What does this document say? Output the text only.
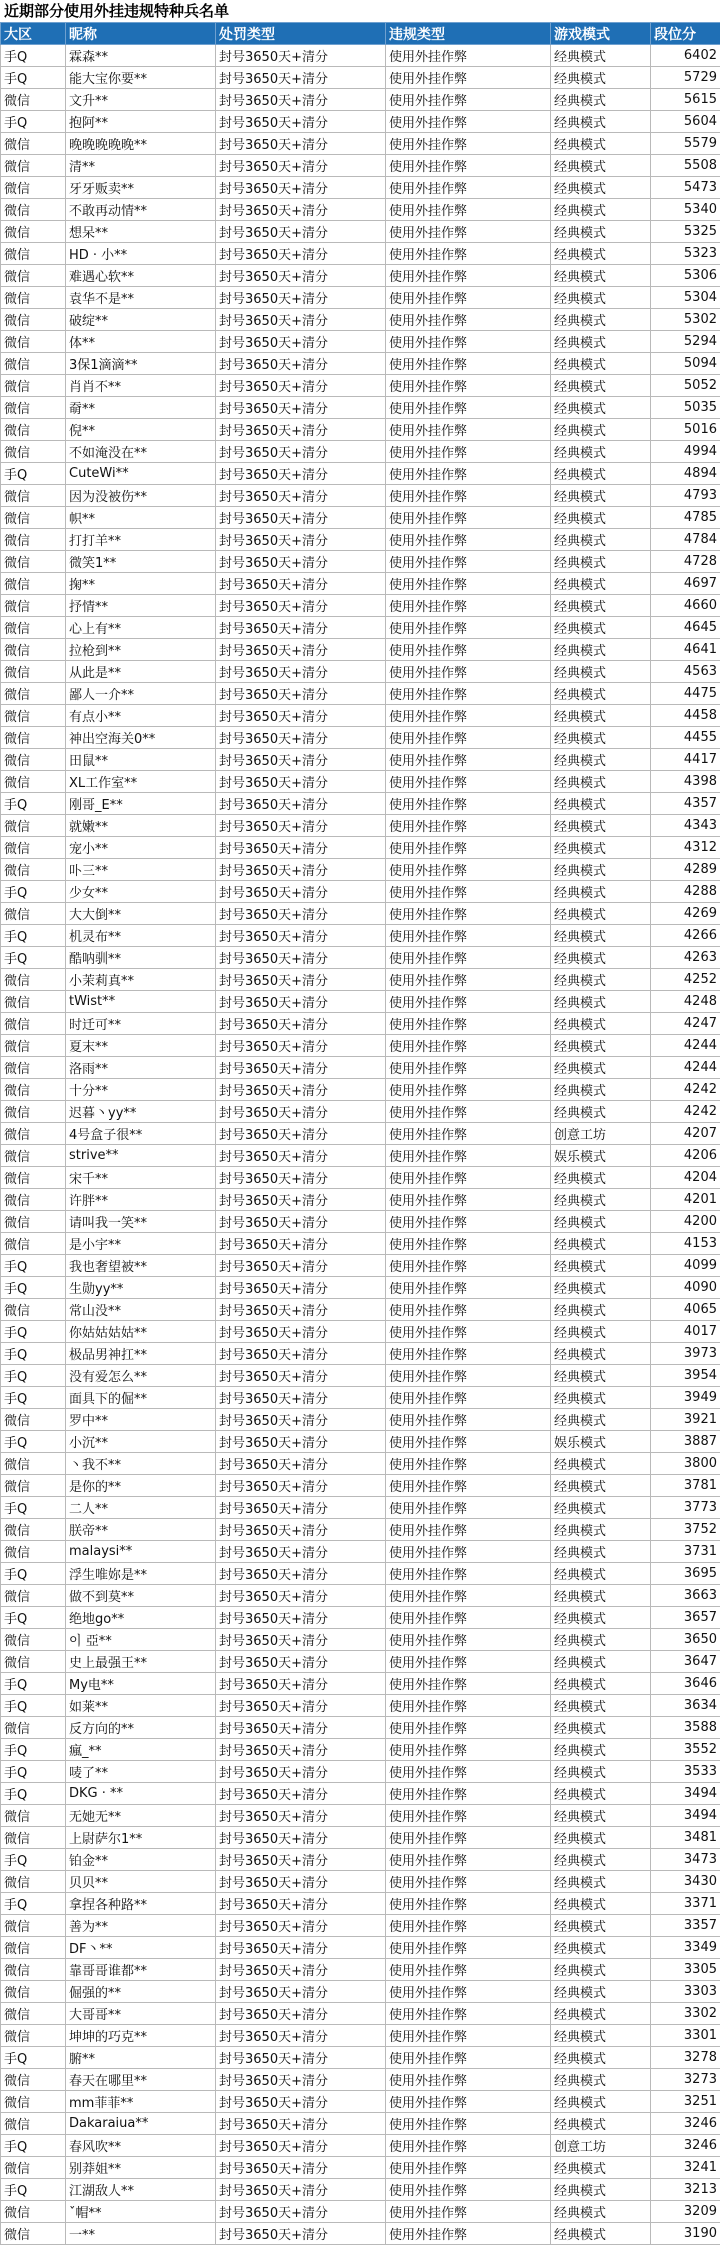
近期部分使用外挂违规特种兵名单
大区	昵称	处罚类型	违规类型	游戏模式	段位分
手Q	霖森**	封号3650天+清分	使用外挂作弊	经典模式	6402
手Q	能大宝你要**	封号3650天+清分	使用外挂作弊	经典模式	5729
微信	文升**	封号3650天+清分	使用外挂作弊	经典模式	5615
手Q	抱阿**	封号3650天+清分	使用外挂作弊	经典模式	5604
微信	晚晚晚晚晚**	封号3650天+清分	使用外挂作弊	经典模式	5579
微信	清**	封号3650天+清分	使用外挂作弊	经典模式	5508
微信	牙牙贩卖**	封号3650天+清分	使用外挂作弊	经典模式	5473
微信	不敢再动情**	封号3650天+清分	使用外挂作弊	经典模式	5340
微信	想呆**	封号3650天+清分	使用外挂作弊	经典模式	5325
微信	HD · 小**	封号3650天+清分	使用外挂作弊	经典模式	5323
微信	难遇心软**	封号3650天+清分	使用外挂作弊	经典模式	5306
微信	袁华不是**	封号3650天+清分	使用外挂作弊	经典模式	5304
微信	破绽**	封号3650天+清分	使用外挂作弊	经典模式	5302
微信	体**	封号3650天+清分	使用外挂作弊	经典模式	5294
微信	3保1滴滴**	封号3650天+清分	使用外挂作弊	经典模式	5094
微信	肖肖不**	封号3650天+清分	使用外挂作弊	经典模式	5052
微信	奣**	封号3650天+清分	使用外挂作弊	经典模式	5035
微信	倪**	封号3650天+清分	使用外挂作弊	经典模式	5016
微信	不如淹没在**	封号3650天+清分	使用外挂作弊	经典模式	4994
手Q	CuteWi**	封号3650天+清分	使用外挂作弊	经典模式	4894
微信	因为没被伤**	封号3650天+清分	使用外挂作弊	经典模式	4793
微信	帜**	封号3650天+清分	使用外挂作弊	经典模式	4785
微信	打打羊**	封号3650天+清分	使用外挂作弊	经典模式	4784
微信	微笑1**	封号3650天+清分	使用外挂作弊	经典模式	4728
微信	掬**	封号3650天+清分	使用外挂作弊	经典模式	4697
微信	抒情**	封号3650天+清分	使用外挂作弊	经典模式	4660
微信	心上有**	封号3650天+清分	使用外挂作弊	经典模式	4645
微信	拉枪到**	封号3650天+清分	使用外挂作弊	经典模式	4641
微信	从此是**	封号3650天+清分	使用外挂作弊	经典模式	4563
微信	鄙人一介**	封号3650天+清分	使用外挂作弊	经典模式	4475
微信	有点小**	封号3650天+清分	使用外挂作弊	经典模式	4458
微信	神出空海关0**	封号3650天+清分	使用外挂作弊	经典模式	4455
微信	田鼠**	封号3650天+清分	使用外挂作弊	经典模式	4417
微信	XL工作室**	封号3650天+清分	使用外挂作弊	经典模式	4398
手Q	刚哥_E**	封号3650天+清分	使用外挂作弊	经典模式	4357
微信	就嫩**	封号3650天+清分	使用外挂作弊	经典模式	4343
微信	宠小**	封号3650天+清分	使用外挂作弊	经典模式	4312
微信	卟三**	封号3650天+清分	使用外挂作弊	经典模式	4289
手Q	少女**	封号3650天+清分	使用外挂作弊	经典模式	4288
微信	大大倒**	封号3650天+清分	使用外挂作弊	经典模式	4269
手Q	机灵布**	封号3650天+清分	使用外挂作弊	经典模式	4266
手Q	酷呐驯**	封号3650天+清分	使用外挂作弊	经典模式	4263
微信	小茉莉真**	封号3650天+清分	使用外挂作弊	经典模式	4252
微信	tWist**	封号3650天+清分	使用外挂作弊	经典模式	4248
微信	时迁可**	封号3650天+清分	使用外挂作弊	经典模式	4247
微信	夏末**	封号3650天+清分	使用外挂作弊	经典模式	4244
微信	洛雨**	封号3650天+清分	使用外挂作弊	经典模式	4244
微信	十分**	封号3650天+清分	使用外挂作弊	经典模式	4242
微信	迟暮丶yy**	封号3650天+清分	使用外挂作弊	经典模式	4242
微信	4号盒子很**	封号3650天+清分	使用外挂作弊	创意工坊	4207
微信	strive**	封号3650天+清分	使用外挂作弊	娱乐模式	4206
微信	宋千**	封号3650天+清分	使用外挂作弊	经典模式	4204
微信	许胖**	封号3650天+清分	使用外挂作弊	经典模式	4201
微信	请叫我一笑**	封号3650天+清分	使用外挂作弊	经典模式	4200
微信	是小宇**	封号3650天+清分	使用外挂作弊	经典模式	4153
手Q	我也奢望被**	封号3650天+清分	使用外挂作弊	经典模式	4099
手Q	生勋yy**	封号3650天+清分	使用外挂作弊	经典模式	4090
微信	常山没**	封号3650天+清分	使用外挂作弊	经典模式	4065
手Q	你姑姑姑姑**	封号3650天+清分	使用外挂作弊	经典模式	4017
手Q	极品男神扛**	封号3650天+清分	使用外挂作弊	经典模式	3973
手Q	没有爱怎么**	封号3650天+清分	使用外挂作弊	经典模式	3954
手Q	面具下的倔**	封号3650天+清分	使用外挂作弊	经典模式	3949
微信	罗中**	封号3650天+清分	使用外挂作弊	经典模式	3921
手Q	小沉**	封号3650天+清分	使用外挂作弊	娱乐模式	3887
微信	丶我不**	封号3650天+清分	使用外挂作弊	经典模式	3800
微信	是你的**	封号3650天+清分	使用外挂作弊	经典模式	3781
手Q	二人**	封号3650天+清分	使用外挂作弊	经典模式	3773
微信	朕帝**	封号3650天+清分	使用外挂作弊	经典模式	3752
微信	malaysi**	封号3650天+清分	使用外挂作弊	经典模式	3731
手Q	浮生唯妳是**	封号3650天+清分	使用外挂作弊	经典模式	3695
微信	做不到莫**	封号3650天+清分	使用外挂作弊	经典模式	3663
手Q	绝地go**	封号3650天+清分	使用外挂作弊	经典模式	3657
微信	이 亞**	封号3650天+清分	使用外挂作弊	经典模式	3650
微信	史上最强王**	封号3650天+清分	使用外挂作弊	经典模式	3647
手Q	My电**	封号3650天+清分	使用外挂作弊	经典模式	3646
手Q	如莱**	封号3650天+清分	使用外挂作弊	经典模式	3634
微信	反方向的**	封号3650天+清分	使用外挂作弊	经典模式	3588
手Q	瘋_**	封号3650天+清分	使用外挂作弊	经典模式	3552
手Q	唛了**	封号3650天+清分	使用外挂作弊	经典模式	3533
手Q	DKG · **	封号3650天+清分	使用外挂作弊	经典模式	3494
微信	无她无**	封号3650天+清分	使用外挂作弊	经典模式	3494
微信	上尉萨尔1**	封号3650天+清分	使用外挂作弊	经典模式	3481
手Q	铂金**	封号3650天+清分	使用外挂作弊	经典模式	3473
微信	贝贝**	封号3650天+清分	使用外挂作弊	经典模式	3430
手Q	拿捏各种路**	封号3650天+清分	使用外挂作弊	经典模式	3371
微信	善为**	封号3650天+清分	使用外挂作弊	经典模式	3357
微信	DF丶**	封号3650天+清分	使用外挂作弊	经典模式	3349
微信	靠哥哥谁都**	封号3650天+清分	使用外挂作弊	经典模式	3305
微信	倔强的**	封号3650天+清分	使用外挂作弊	经典模式	3303
微信	大哥哥**	封号3650天+清分	使用外挂作弊	经典模式	3302
微信	坤坤的巧克**	封号3650天+清分	使用外挂作弊	经典模式	3301
手Q	腑**	封号3650天+清分	使用外挂作弊	经典模式	3278
微信	春天在哪里**	封号3650天+清分	使用外挂作弊	经典模式	3273
微信	mm菲菲**	封号3650天+清分	使用外挂作弊	经典模式	3251
微信	Dakaraiua**	封号3650天+清分	使用外挂作弊	经典模式	3246
手Q	春风吹**	封号3650天+清分	使用外挂作弊	创意工坊	3246
微信	别莽姐**	封号3650天+清分	使用外挂作弊	经典模式	3241
手Q	江湖敌人**	封号3650天+清分	使用外挂作弊	经典模式	3213
微信	ˇ帽**	封号3650天+清分	使用外挂作弊	经典模式	3209
微信	一**	封号3650天+清分	使用外挂作弊	经典模式	3190
